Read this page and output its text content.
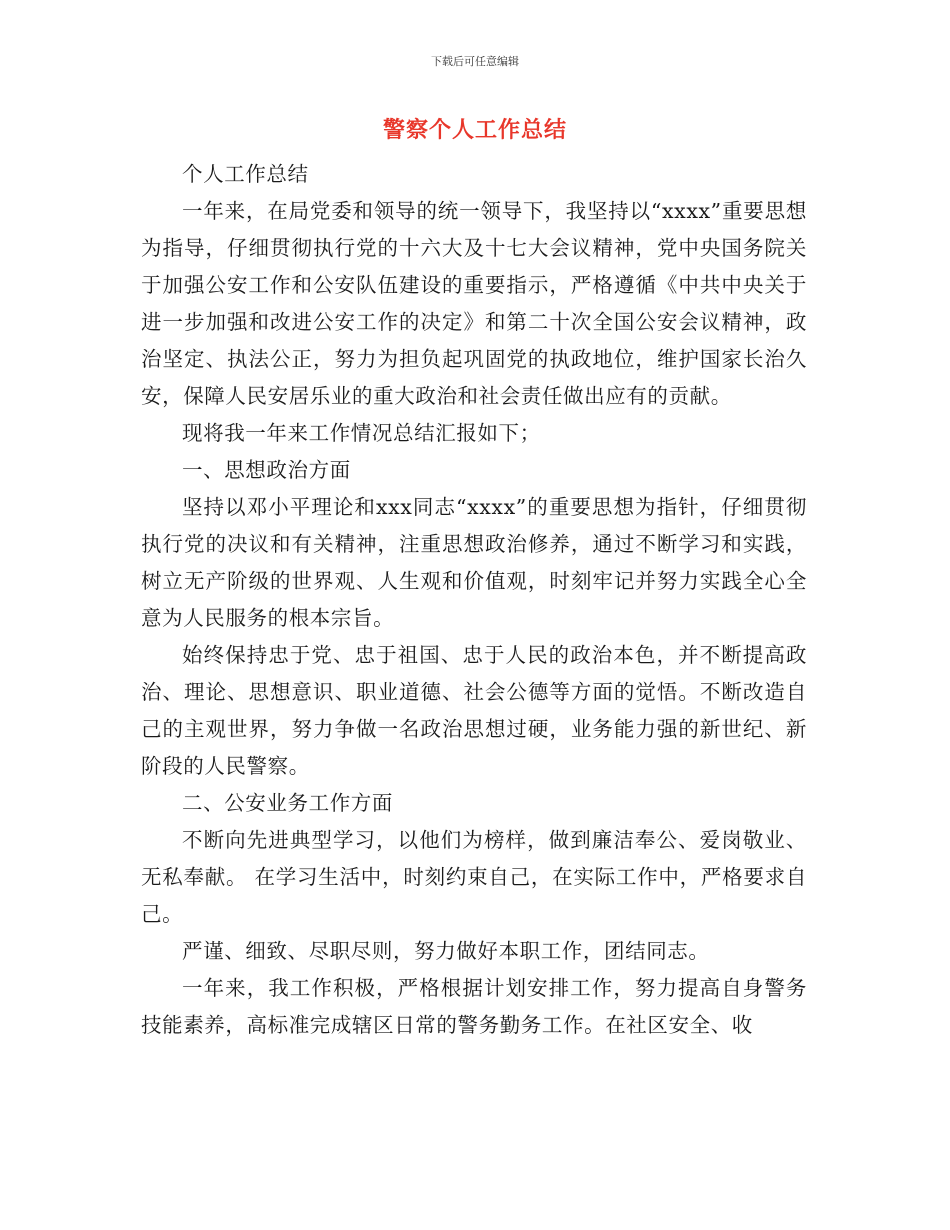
下载后可任意编辑
警察个人工作总结

个人工作总结

一年来，在局党委和领导的统一领导下，我坚持以“xxxx”重要思想为指导，仔细贯彻执行党的十六大及十七大会议精神，党中央国务院关于加强公安工作和公安队伍建设的重要指示，严格遵循《中共中央关于进一步加强和改进公安工作的决定》和第二十次全国公安会议精神，政治坚定、执法公正，努力为担负起巩固党的执政地位，维护国家长治久安，保障人民安居乐业的重大政治和社会责任做出应有的贡献。

现将我一年来工作情况总结汇报如下；

一、思想政治方面

坚持以邓小平理论和xxx同志“xxxx”的重要思想为指针，仔细贯彻执行党的决议和有关精神，注重思想政治修养，通过不断学习和实践，树立无产阶级的世界观、人生观和价值观，时刻牢记并努力实践全心全意为人民服务的根本宗旨。

始终保持忠于党、忠于祖国、忠于人民的政治本色，并不断提高政治、理论、思想意识、职业道德、社会公德等方面的觉悟。不断改造自己的主观世界，努力争做一名政治思想过硬，业务能力强的新世纪、新阶段的人民警察。

二、公安业务工作方面

不断向先进典型学习，以他们为榜样，做到廉洁奉公、爱岗敬业、无私奉献。 在学习生活中，时刻约束自己，在实际工作中，严格要求自己。

严谨、细致、尽职尽则，努力做好本职工作，团结同志。

一年来，我工作积极，严格根据计划安排工作，努力提高自身警务技能素养，高标准完成辖区日常的警务勤务工作。在社区安全、收
